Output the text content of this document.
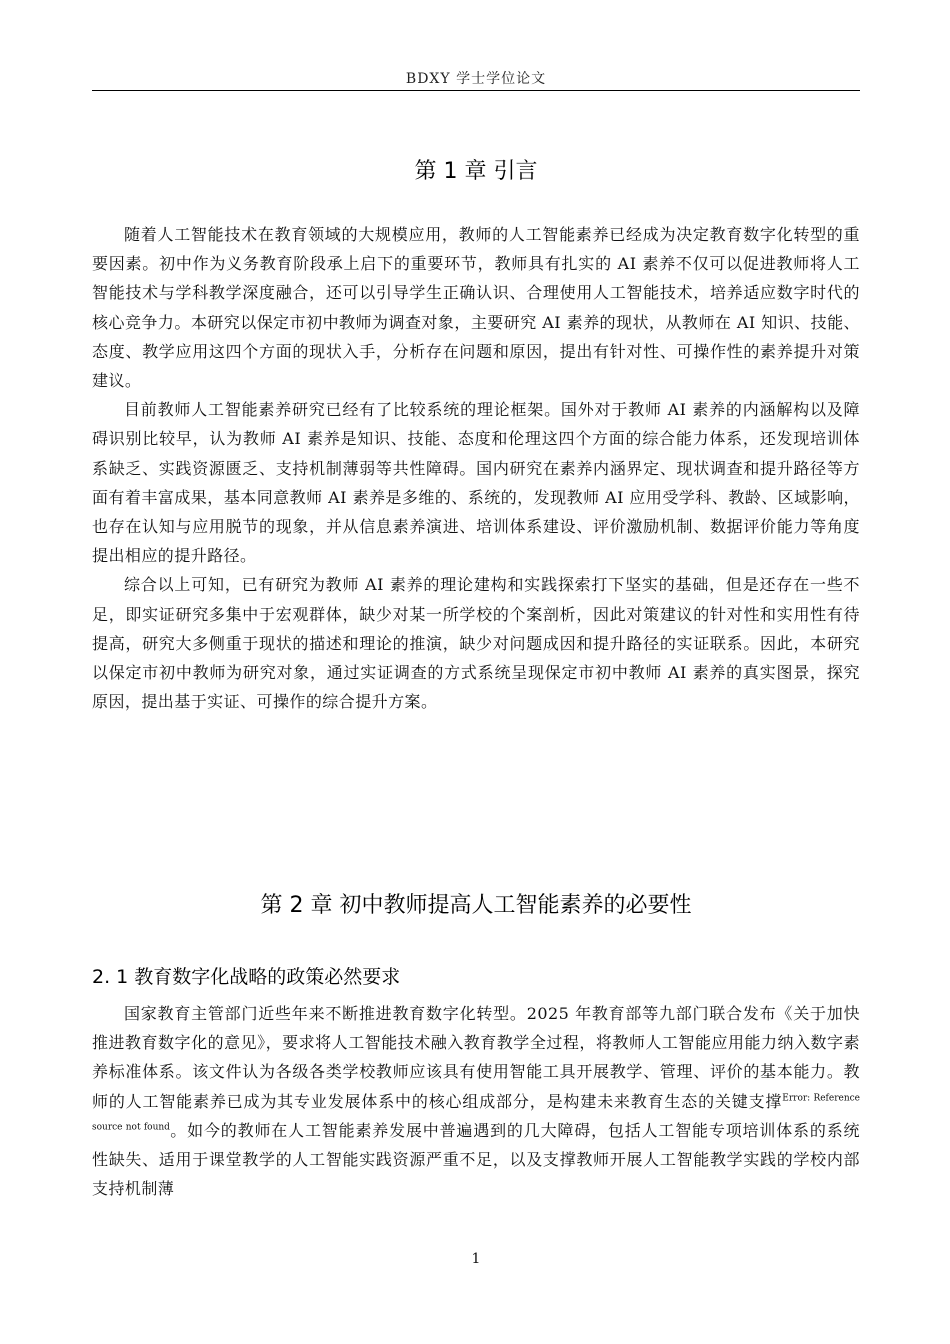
BDXY 学士学位论文
第 1 章 引言

随着人工智能技术在教育领域的大规模应用，教师的人工智能素养已经成为决定教育数字化转型的重要因素。初中作为义务教育阶段承上启下的重要环节，教师具有扎实的 AI 素养不仅可以促进教师将人工智能技术与学科教学深度融合，还可以引导学生正确认识、合理使用人工智能技术，培养适应数字时代的核心竞争力。本研究以保定市初中教师为调查对象，主要研究 AI 素养的现状，从教师在 AI 知识、技能、态度、教学应用这四个方面的现状入手，分析存在问题和原因，提出有针对性、可操作性的素养提升对策建议。

目前教师人工智能素养研究已经有了比较系统的理论框架。国外对于教师 AI 素养的内涵解构以及障碍识别比较早，认为教师 AI 素养是知识、技能、态度和伦理这四个方面的综合能力体系，还发现培训体系缺乏、实践资源匮乏、支持机制薄弱等共性障碍。国内研究在素养内涵界定、现状调查和提升路径等方面有着丰富成果，基本同意教师 AI 素养是多维的、系统的，发现教师 AI 应用受学科、教龄、区域影响，也存在认知与应用脱节的现象，并从信息素养演进、培训体系建设、评价激励机制、数据评价能力等角度提出相应的提升路径。

综合以上可知，已有研究为教师 AI 素养的理论建构和实践探索打下坚实的基础，但是还存在一些不足，即实证研究多集中于宏观群体，缺少对某一所学校的个案剖析，因此对策建议的针对性和实用性有待提高，研究大多侧重于现状的描述和理论的推演，缺少对问题成因和提升路径的实证联系。因此，本研究以保定市初中教师为研究对象，通过实证调查的方式系统呈现保定市初中教师 AI 素养的真实图景，探究原因，提出基于实证、可操作的综合提升方案。

第 2 章 初中教师提高人工智能素养的必要性
2. 1 教育数字化战略的政策必然要求

国家教育主管部门近些年来不断推进教育数字化转型。2025 年教育部等九部门联合发布《关于加快推进教育数字化的意见》，要求将人工智能技术融入教育教学全过程，将教师人工智能应用能力纳入数字素养标准体系。该文件认为各级各类学校教师应该具有使用智能工具开展教学、管理、评价的基本能力。教师的人工智能素养已成为其专业发展体系中的核心组成部分，是构建未来教育生态的关键支撑$^{Error: Reference source not found}$。如今的教师在人工智能素养发展中普遍遇到的几大障碍，包括人工智能专项培训体系的系统性缺失、适用于课堂教学的人工智能实践资源严重不足，以及支撑教师开展人工智能教学实践的学校内部支持机制薄

1
